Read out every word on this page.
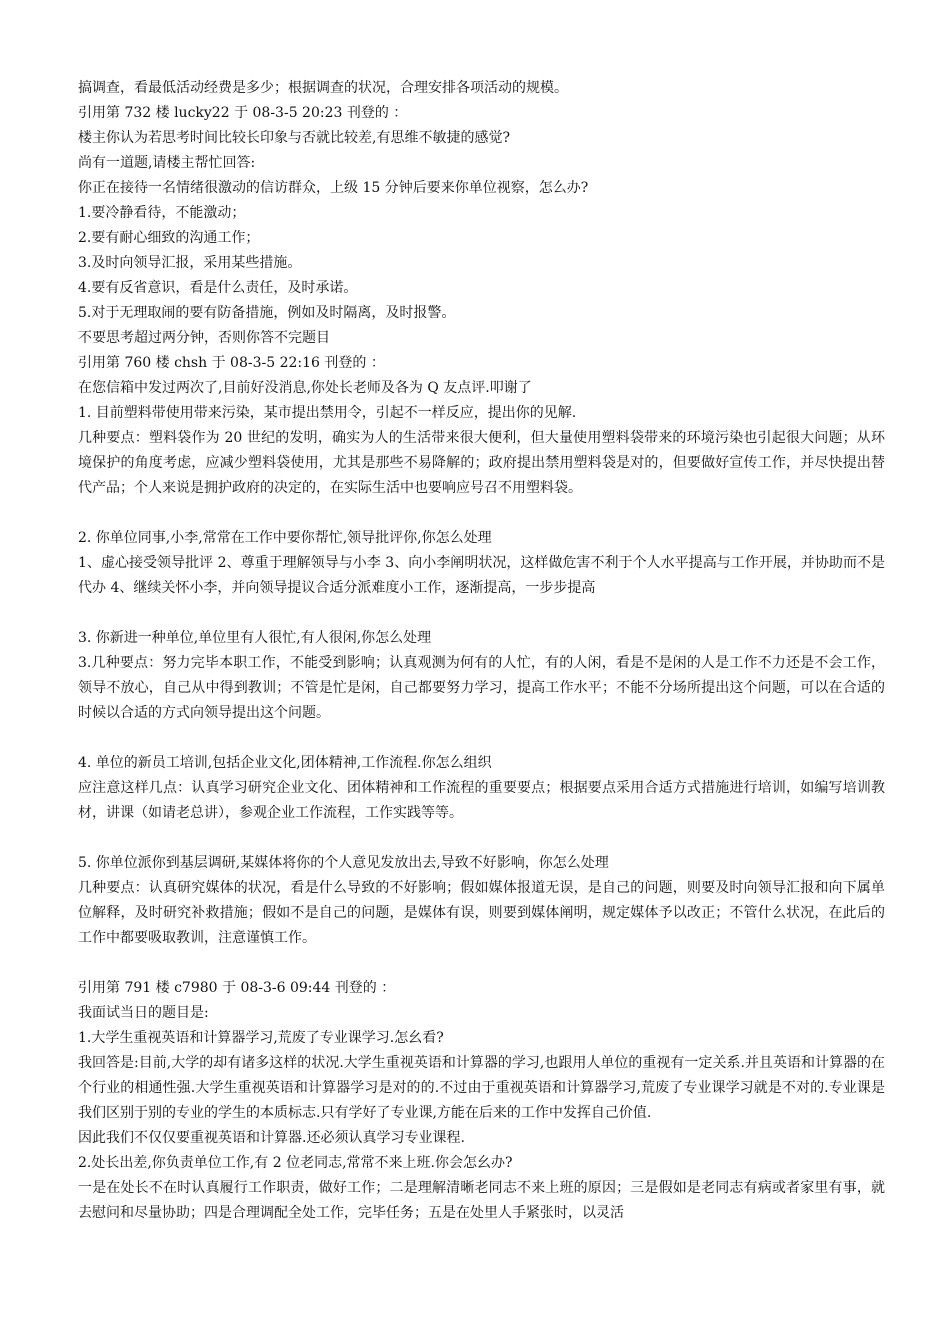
搞调查，看最低活动经费是多少；根据调查的状况，合理安排各项活动的规模。
引用第 732 楼 lucky22 于 08-3-5 20:23 刊登的 ：
楼主你认为若思考时间比较长印象与否就比较差,有思维不敏捷的感觉?
尚有一道题,请楼主帮忙回答:
你正在接待一名情绪很激动的信访群众，上级 15 分钟后要来你单位视察，怎么办?
1.要冷静看待，不能激动；
2.要有耐心细致的沟通工作；
3.及时向领导汇报，采用某些措施。
4.要有反省意识，看是什么责任，及时承诺。
5.对于无理取闹的要有防备措施，例如及时隔离，及时报警。
不要思考超过两分钟，否则你答不完题目
引用第 760 楼 chsh 于 08-3-5 22:16 刊登的 ：
在您信箱中发过两次了,目前好没消息,你处长老师及各为 Q 友点评.叩谢了
1. 目前塑料带使用带来污染，某市提出禁用令，引起不一样反应，提出你的见解.

几种要点：塑料袋作为 20 世纪的发明，确实为人的生活带来很大便利，但大量使用塑料袋带来的环境污染也引起很大问题；从环境保护的角度考虑，应减少塑料袋使用，尤其是那些不易降解的；政府提出禁用塑料袋是对的，但要做好宣传工作，并尽快提出替代产品；个人来说是拥护政府的决定的，在实际生活中也要响应号召不用塑料袋。

2. 你单位同事,小李,常常在工作中要你帮忙,领导批评你,你怎么处理

1、虚心接受领导批评 2、尊重于理解领导与小李 3、向小李阐明状况，这样做危害不利于个人水平提高与工作开展，并协助而不是代办 4、继续关怀小李，并向领导提议合适分派难度小工作，逐渐提高，一步步提高

3. 你新进一种单位,单位里有人很忙,有人很闲,你怎么处理

3.几种要点：努力完毕本职工作，不能受到影响；认真观测为何有的人忙，有的人闲，看是不是闲的人是工作不力还是不会工作，领导不放心，自己从中得到教训；不管是忙是闲，自己都要努力学习，提高工作水平；不能不分场所提出这个问题，可以在合适的时候以合适的方式向领导提出这个问题。

4. 单位的新员工培训,包括企业文化,团体精神,工作流程.你怎么组织

应注意这样几点：认真学习研究企业文化、团体精神和工作流程的重要要点；根据要点采用合适方式措施进行培训，如编写培训教材，讲课（如请老总讲），参观企业工作流程，工作实践等等。

5. 你单位派你到基层调研,某媒体将你的个人意见发放出去,导致不好影响，你怎么处理

几种要点：认真研究媒体的状况，看是什么导致的不好影响；假如媒体报道无误，是自己的问题，则要及时向领导汇报和向下属单位解释，及时研究补救措施；假如不是自己的问题，是媒体有误，则要到媒体阐明，规定媒体予以改正；不管什么状况，在此后的工作中都要吸取教训，注意谨慎工作。

引用第 791 楼 c7980 于 08-3-6 09:44 刊登的 ：
我面试当日的题目是:
1.大学生重视英语和计算器学习,荒废了专业课学习.怎幺看?

我回答是:目前,大学的却有诸多这样的状况.大学生重视英语和计算器的学习,也跟用人单位的重视有一定关系.并且英语和计算器的在个行业的相通性强.大学生重视英语和计算器学习是对的的.不过由于重视英语和计算器学习,荒废了专业课学习就是不对的.专业课是我们区别于别的专业的学生的本质标志.只有学好了专业课,方能在后来的工作中发挥自己价值.

因此我们不仅仅要重视英语和计算器.还必须认真学习专业课程.
2.处长出差,你负责单位工作,有 2 位老同志,常常不来上班.你会怎幺办?

一是在处长不在时认真履行工作职责，做好工作；二是理解清晰老同志不来上班的原因；三是假如是老同志有病或者家里有事，就去慰问和尽量协助；四是合理调配全处工作，完毕任务；五是在处里人手紧张时，以灵活
